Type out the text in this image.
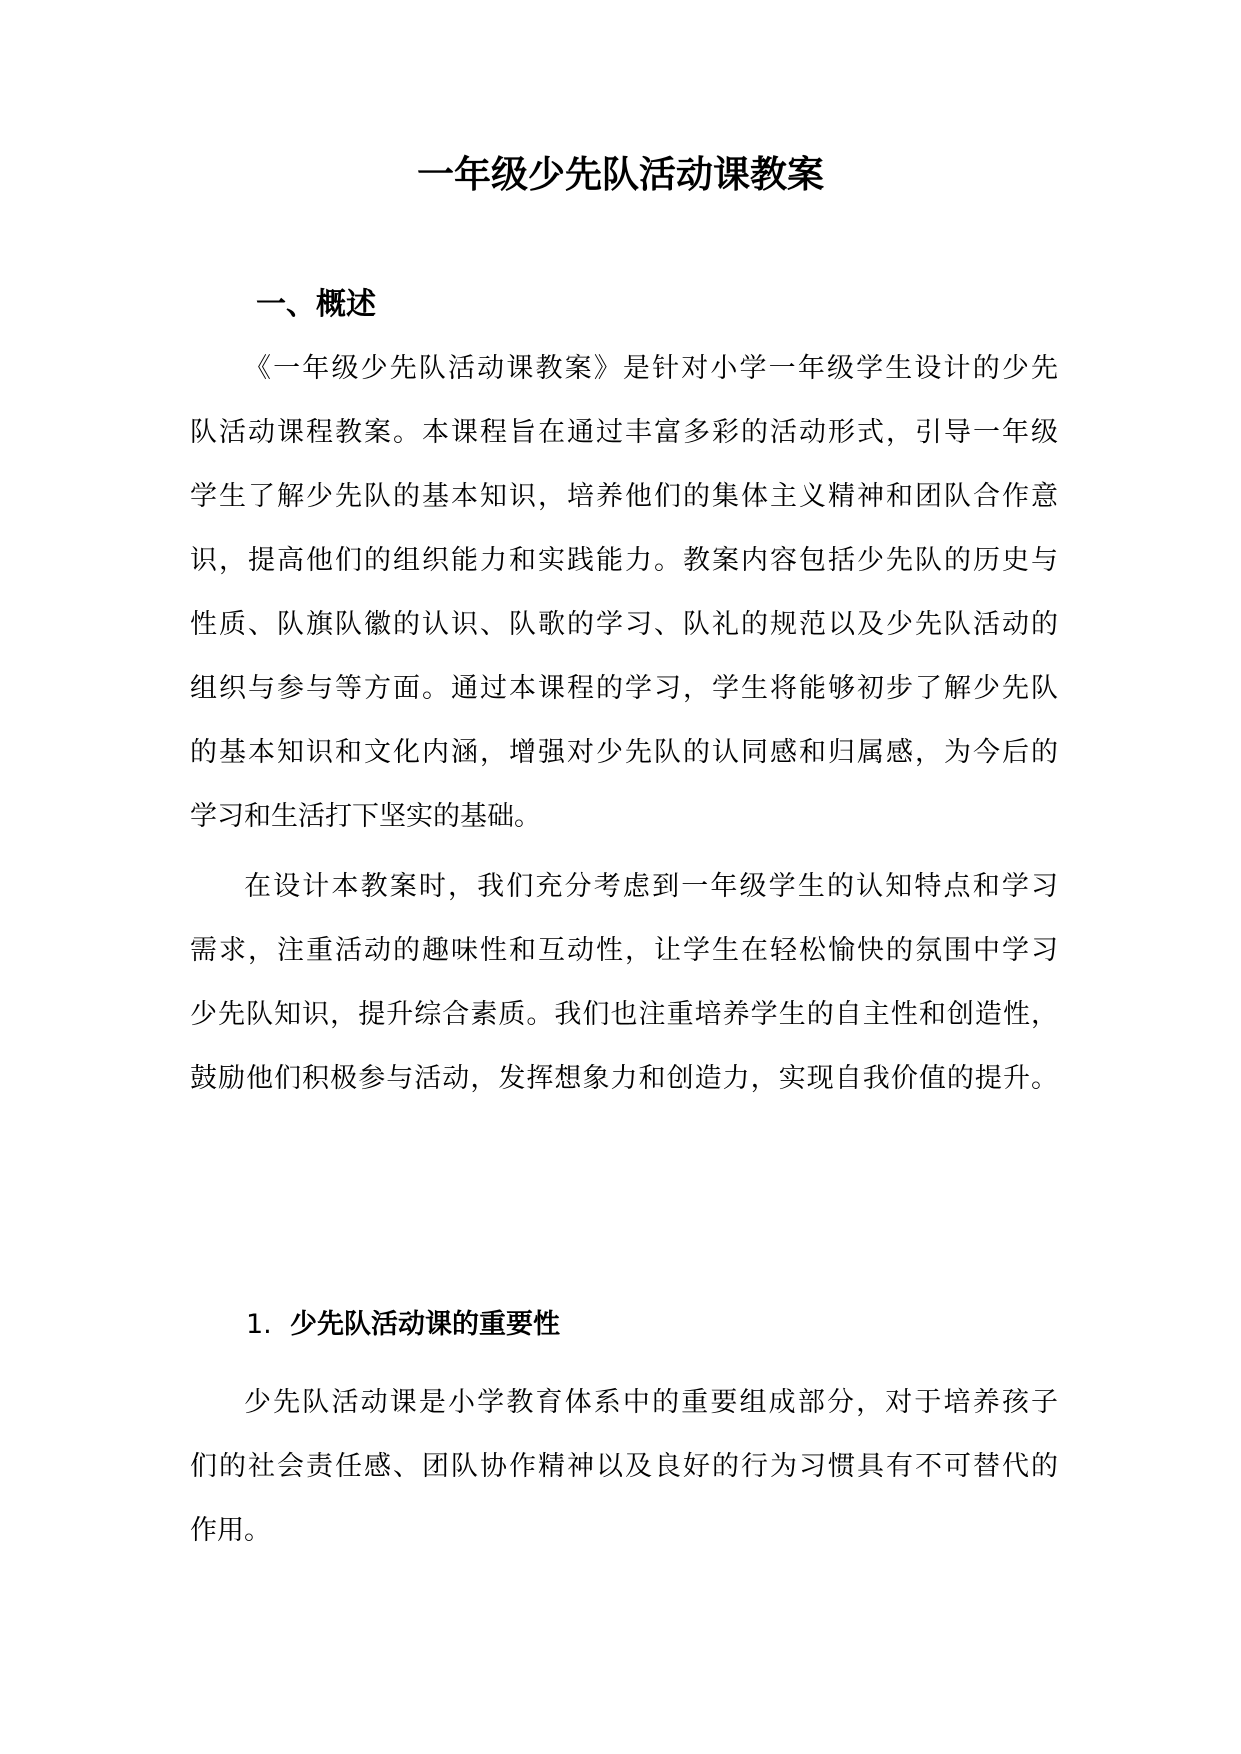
一年级少先队活动课教案
一、概述
《一年级少先队活动课教案》是针对小学一年级学生设计的少先
队活动课程教案。本课程旨在通过丰富多彩的活动形式，引导一年级
学生了解少先队的基本知识，培养他们的集体主义精神和团队合作意
识，提高他们的组织能力和实践能力。教案内容包括少先队的历史与
性质、队旗队徽的认识、队歌的学习、队礼的规范以及少先队活动的
组织与参与等方面。通过本课程的学习，学生将能够初步了解少先队
的基本知识和文化内涵，增强对少先队的认同感和归属感，为今后的
学习和生活打下坚实的基础。
在设计本教案时，我们充分考虑到一年级学生的认知特点和学习
需求，注重活动的趣味性和互动性，让学生在轻松愉快的氛围中学习
少先队知识，提升综合素质。我们也注重培养学生的自主性和创造性，
鼓励他们积极参与活动，发挥想象力和创造力，实现自我价值的提升。
1. 少先队活动课的重要性
少先队活动课是小学教育体系中的重要组成部分，对于培养孩子
们的社会责任感、团队协作精神以及良好的行为习惯具有不可替代的
作用。
